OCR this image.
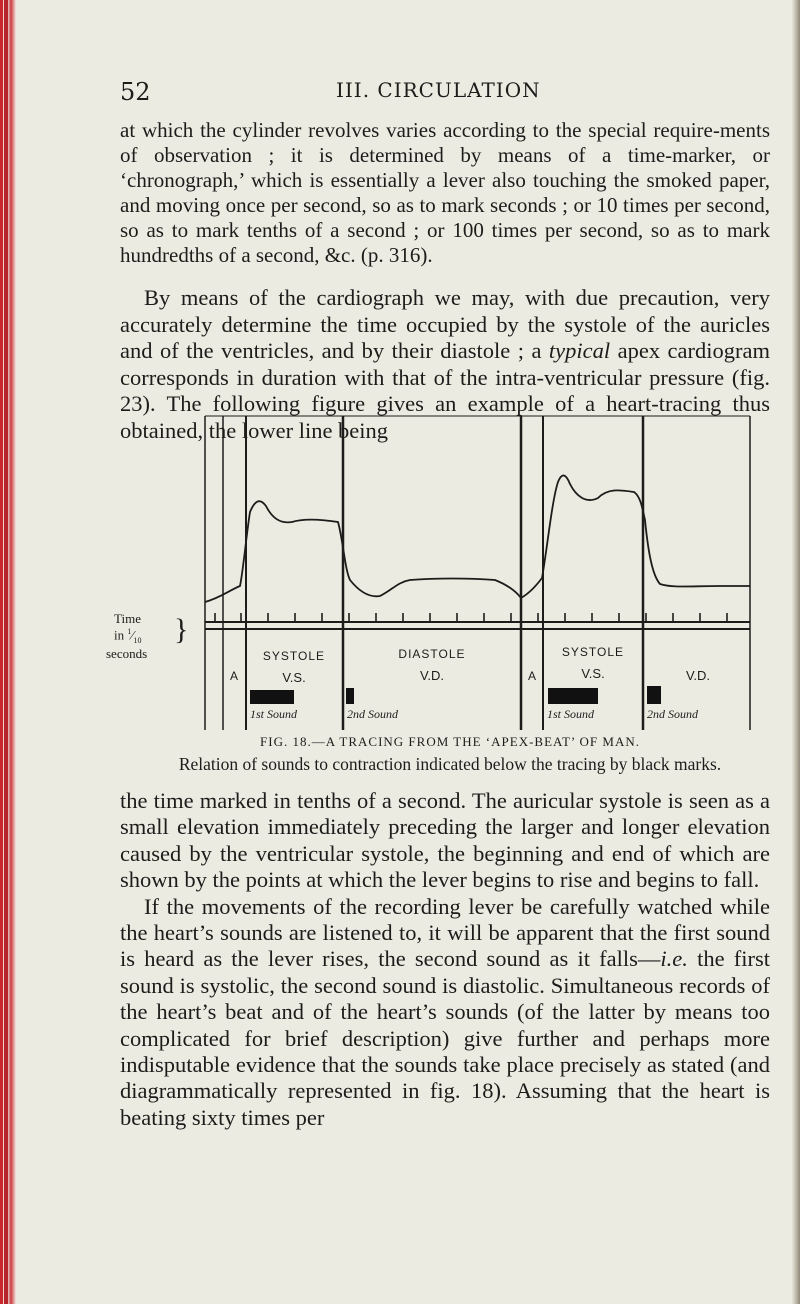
52	III. CIRCULATION

at which the cylinder revolves varies according to the special require-ments of observation ; it is determined by means of a time-marker, or ‘chronograph,’ which is essentially a lever also touching the smoked paper, and moving once per second, so as to mark seconds ; or 10 times per second, so as to mark tenths of a second ; or 100 times per second, so as to mark hundredths of a second, &c. (p. 316).

By means of the cardiograph we may, with due precaution, very accurately determine the time occupied by the systole of the auricles and of the ventricles, and by their diastole ; a typical apex cardiogram corresponds in duration with that of the intra-ventricular pressure (fig. 23). The following figure gives an example of a heart-tracing thus obtained, the lower line being

A
SYSTOLE
V.S.
DIASTOLE
V.D.	A
SYSTOLE
V.S.	V.D.
1st Sound	2nd Sound	1st Sound	2nd Sound
Time
in $^1⁄_{10}$
seconds
}
FIG. 18.—A TRACING FROM THE ‘APEX-BEAT’ OF MAN.
Relation of sounds to contraction indicated below the tracing by black marks.

the time marked in tenths of a second. The auricular systole is seen as a small elevation immediately preceding the larger and longer elevation caused by the ventricular systole, the beginning and end of which are shown by the points at which the lever begins to rise and begins to fall.

If the movements of the recording lever be carefully watched while the heart’s sounds are listened to, it will be apparent that the first sound is heard as the lever rises, the second sound as it falls—i.e. the first sound is systolic, the second sound is diastolic. Simultaneous records of the heart’s beat and of the heart’s sounds (of the latter by means too complicated for brief description) give further and perhaps more indisputable evidence that the sounds take place precisely as stated (and diagrammatically represented in fig. 18). Assuming that the heart is beating sixty times per
